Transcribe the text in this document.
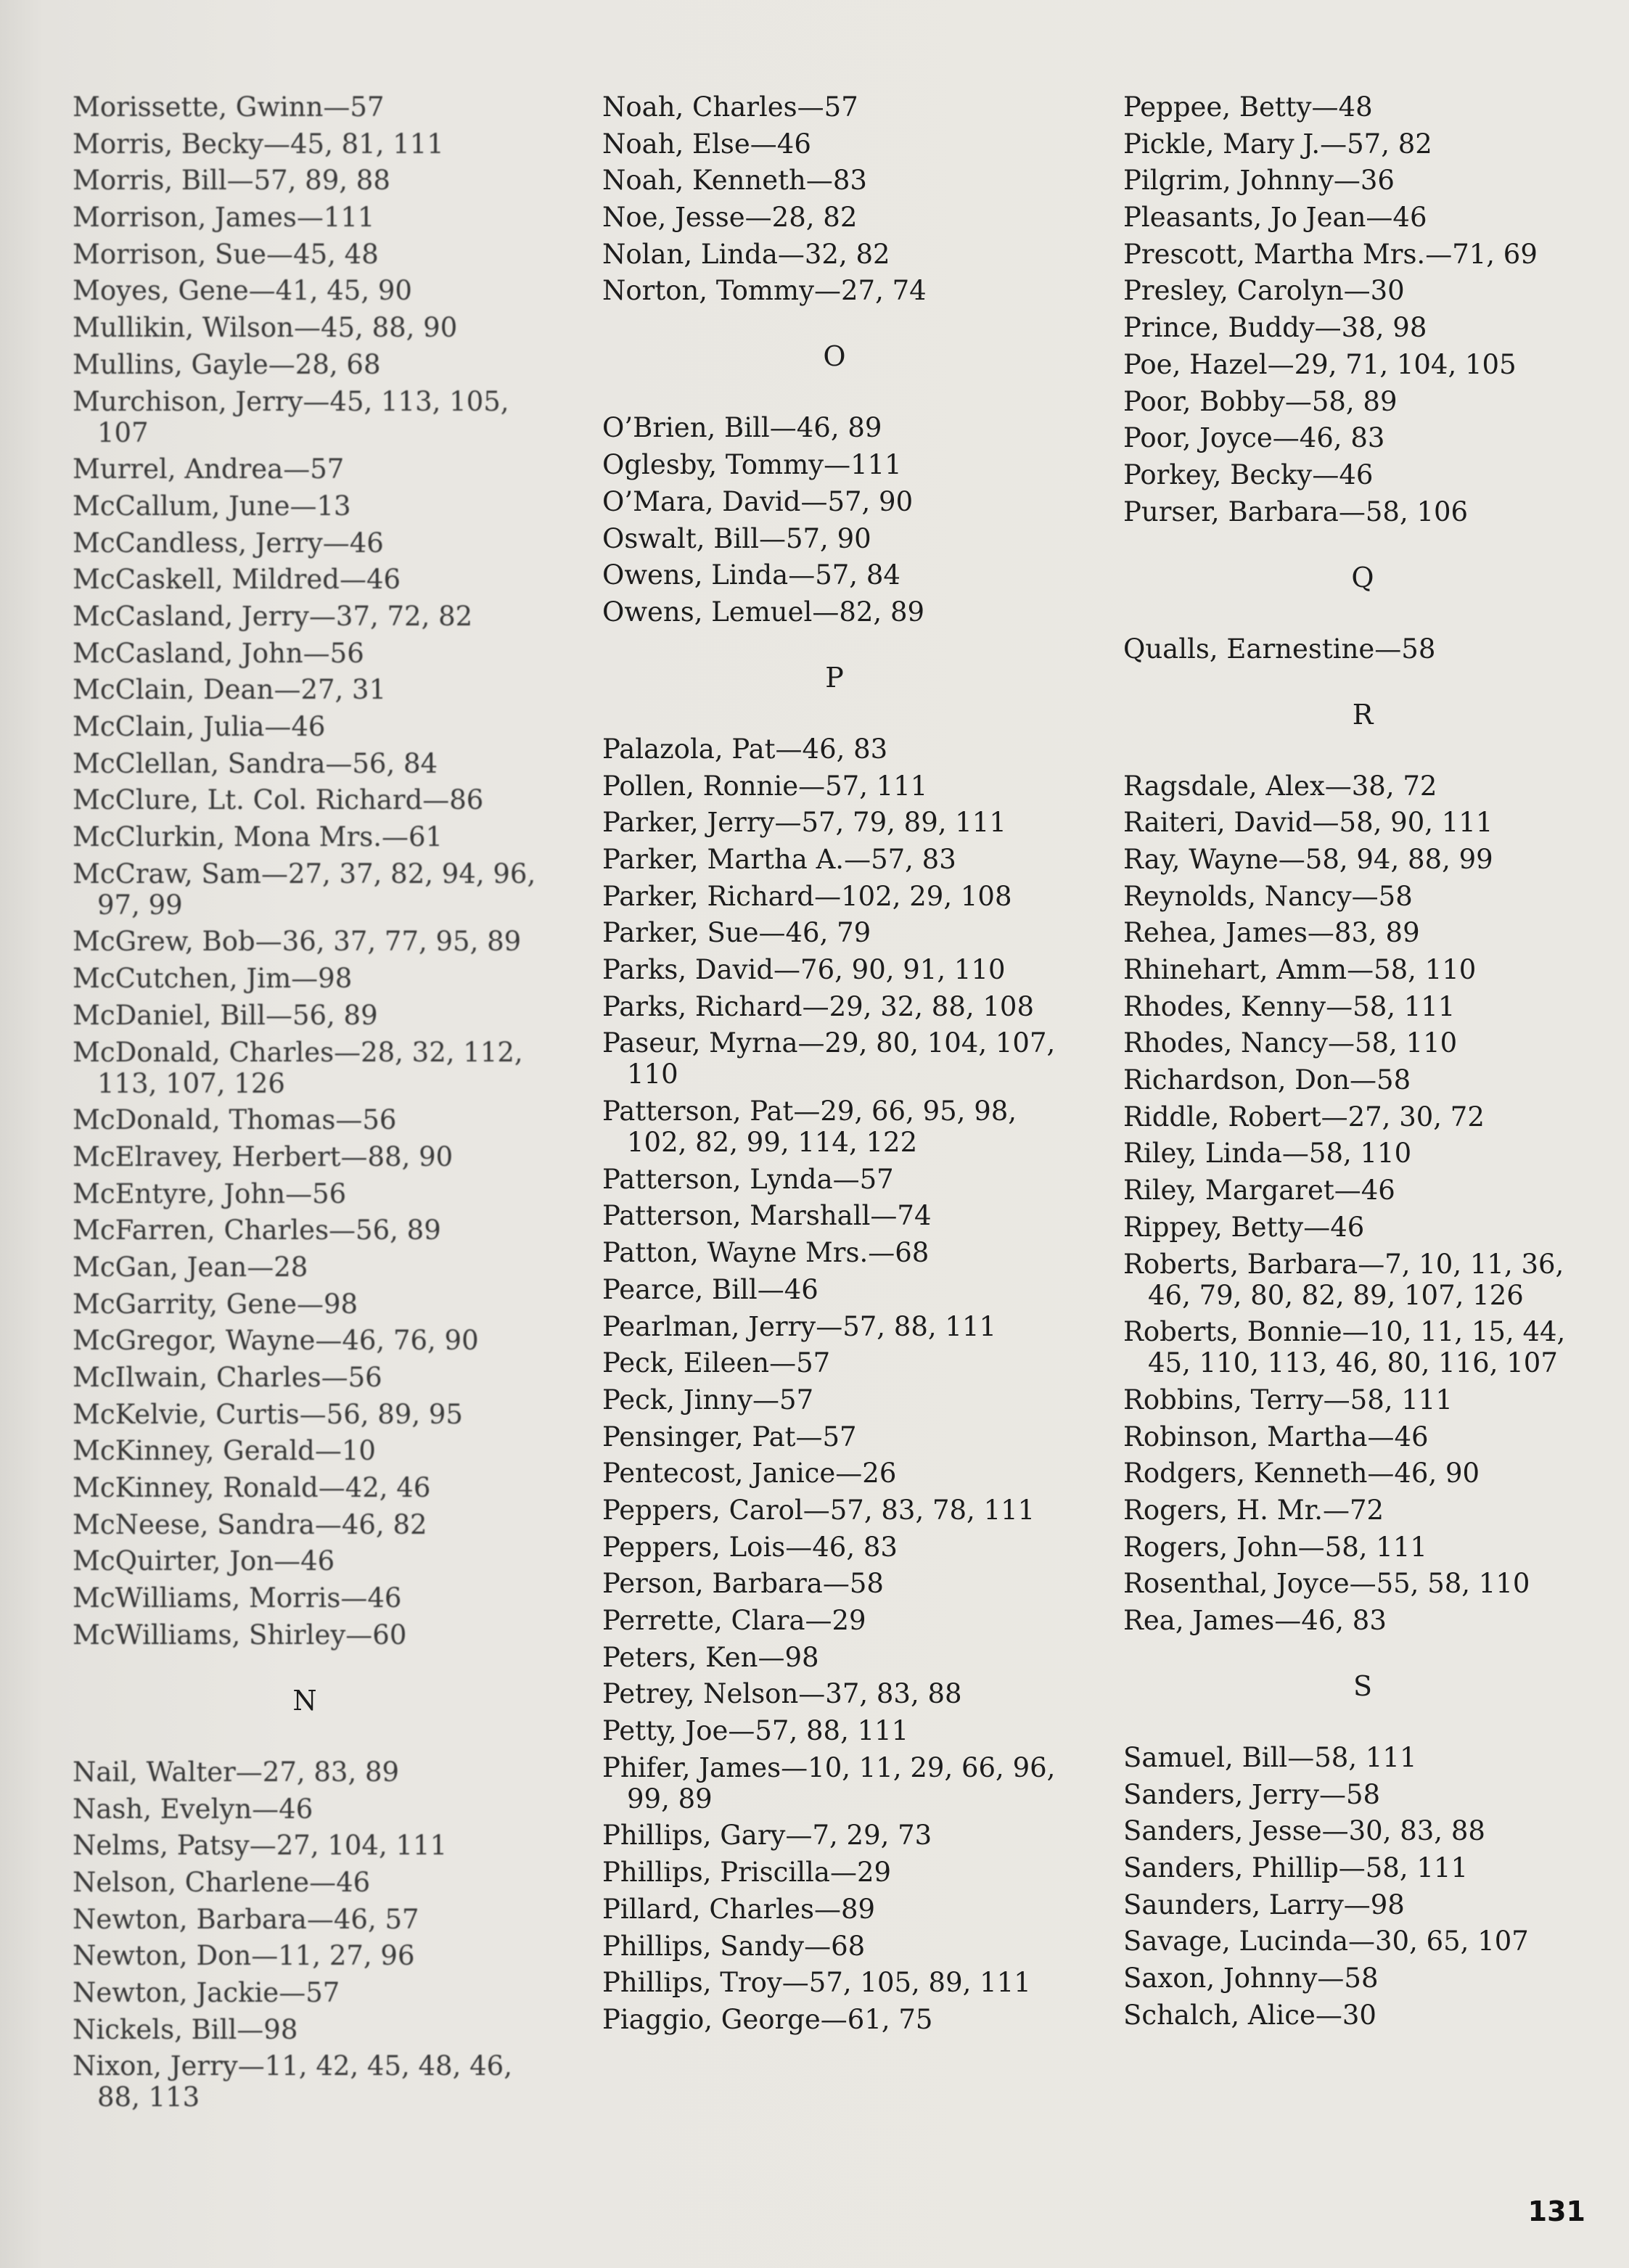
Morissette, Gwinn—57
Morris, Becky—45, 81, 111
Morris, Bill—57, 89, 88
Morrison, James—111
Morrison, Sue—45, 48
Moyes, Gene—41, 45, 90
Mullikin, Wilson—45, 88, 90
Mullins, Gayle—28, 68
Murchison, Jerry—45, 113, 105, 107
Murrel, Andrea—57
McCallum, June—13
McCandless, Jerry—46
McCaskell, Mildred—46
McCasland, Jerry—37, 72, 82
McCasland, John—56
McClain, Dean—27, 31
McClain, Julia—46
McClellan, Sandra—56, 84
McClure, Lt. Col. Richard—86
McClurkin, Mona Mrs.—61
McCraw, Sam—27, 37, 82, 94, 96, 97, 99
McGrew, Bob—36, 37, 77, 95, 89
McCutchen, Jim—98
McDaniel, Bill—56, 89
McDonald, Charles—28, 32, 112, 113, 107, 126
McDonald, Thomas—56
McElravey, Herbert—88, 90
McEntyre, John—56
McFarren, Charles—56, 89
McGan, Jean—28
McGarrity, Gene—98
McGregor, Wayne—46, 76, 90
McIlwain, Charles—56
McKelvie, Curtis—56, 89, 95
McKinney, Gerald—10
McKinney, Ronald—42, 46
McNeese, Sandra—46, 82
McQuirter, Jon—46
McWilliams, Morris—46
McWilliams, Shirley—60
N
Nail, Walter—27, 83, 89
Nash, Evelyn—46
Nelms, Patsy—27, 104, 111
Nelson, Charlene—46
Newton, Barbara—46, 57
Newton, Don—11, 27, 96
Newton, Jackie—57
Nickels, Bill—98
Nixon, Jerry—11, 42, 45, 48, 46, 88, 113
Noah, Charles—57
Noah, Else—46
Noah, Kenneth—83
Noe, Jesse—28, 82
Nolan, Linda—32, 82
Norton, Tommy—27, 74
O
O’Brien, Bill—46, 89
Oglesby, Tommy—111
O’Mara, David—57, 90
Oswalt, Bill—57, 90
Owens, Linda—57, 84
Owens, Lemuel—82, 89
P
Palazola, Pat—46, 83
Pollen, Ronnie—57, 111
Parker, Jerry—57, 79, 89, 111
Parker, Martha A.—57, 83
Parker, Richard—102, 29, 108
Parker, Sue—46, 79
Parks, David—76, 90, 91, 110
Parks, Richard—29, 32, 88, 108
Paseur, Myrna—29, 80, 104, 107, 110
Patterson, Pat—29, 66, 95, 98, 102, 82, 99, 114, 122
Patterson, Lynda—57
Patterson, Marshall—74
Patton, Wayne Mrs.—68
Pearce, Bill—46
Pearlman, Jerry—57, 88, 111
Peck, Eileen—57
Peck, Jinny—57
Pensinger, Pat—57
Pentecost, Janice—26
Peppers, Carol—57, 83, 78, 111
Peppers, Lois—46, 83
Person, Barbara—58
Perrette, Clara—29
Peters, Ken—98
Petrey, Nelson—37, 83, 88
Petty, Joe—57, 88, 111
Phifer, James—10, 11, 29, 66, 96, 99, 89
Phillips, Gary—7, 29, 73
Phillips, Priscilla—29
Pillard, Charles—89
Phillips, Sandy—68
Phillips, Troy—57, 105, 89, 111
Piaggio, George—61, 75
Peppee, Betty—48
Pickle, Mary J.—57, 82
Pilgrim, Johnny—36
Pleasants, Jo Jean—46
Prescott, Martha Mrs.—71, 69
Presley, Carolyn—30
Prince, Buddy—38, 98
Poe, Hazel—29, 71, 104, 105
Poor, Bobby—58, 89
Poor, Joyce—46, 83
Porkey, Becky—46
Purser, Barbara—58, 106
Q
Qualls, Earnestine—58
R
Ragsdale, Alex—38, 72
Raiteri, David—58, 90, 111
Ray, Wayne—58, 94, 88, 99
Reynolds, Nancy—58
Rehea, James—83, 89
Rhinehart, Amm—58, 110
Rhodes, Kenny—58, 111
Rhodes, Nancy—58, 110
Richardson, Don—58
Riddle, Robert—27, 30, 72
Riley, Linda—58, 110
Riley, Margaret—46
Rippey, Betty—46
Roberts, Barbara—7, 10, 11, 36, 46, 79, 80, 82, 89, 107, 126
Roberts, Bonnie—10, 11, 15, 44, 45, 110, 113, 46, 80, 116, 107
Robbins, Terry—58, 111
Robinson, Martha—46
Rodgers, Kenneth—46, 90
Rogers, H. Mr.—72
Rogers, John—58, 111
Rosenthal, Joyce—55, 58, 110
Rea, James—46, 83
S
Samuel, Bill—58, 111
Sanders, Jerry—58
Sanders, Jesse—30, 83, 88
Sanders, Phillip—58, 111
Saunders, Larry—98
Savage, Lucinda—30, 65, 107
Saxon, Johnny—58
Schalch, Alice—30
131
